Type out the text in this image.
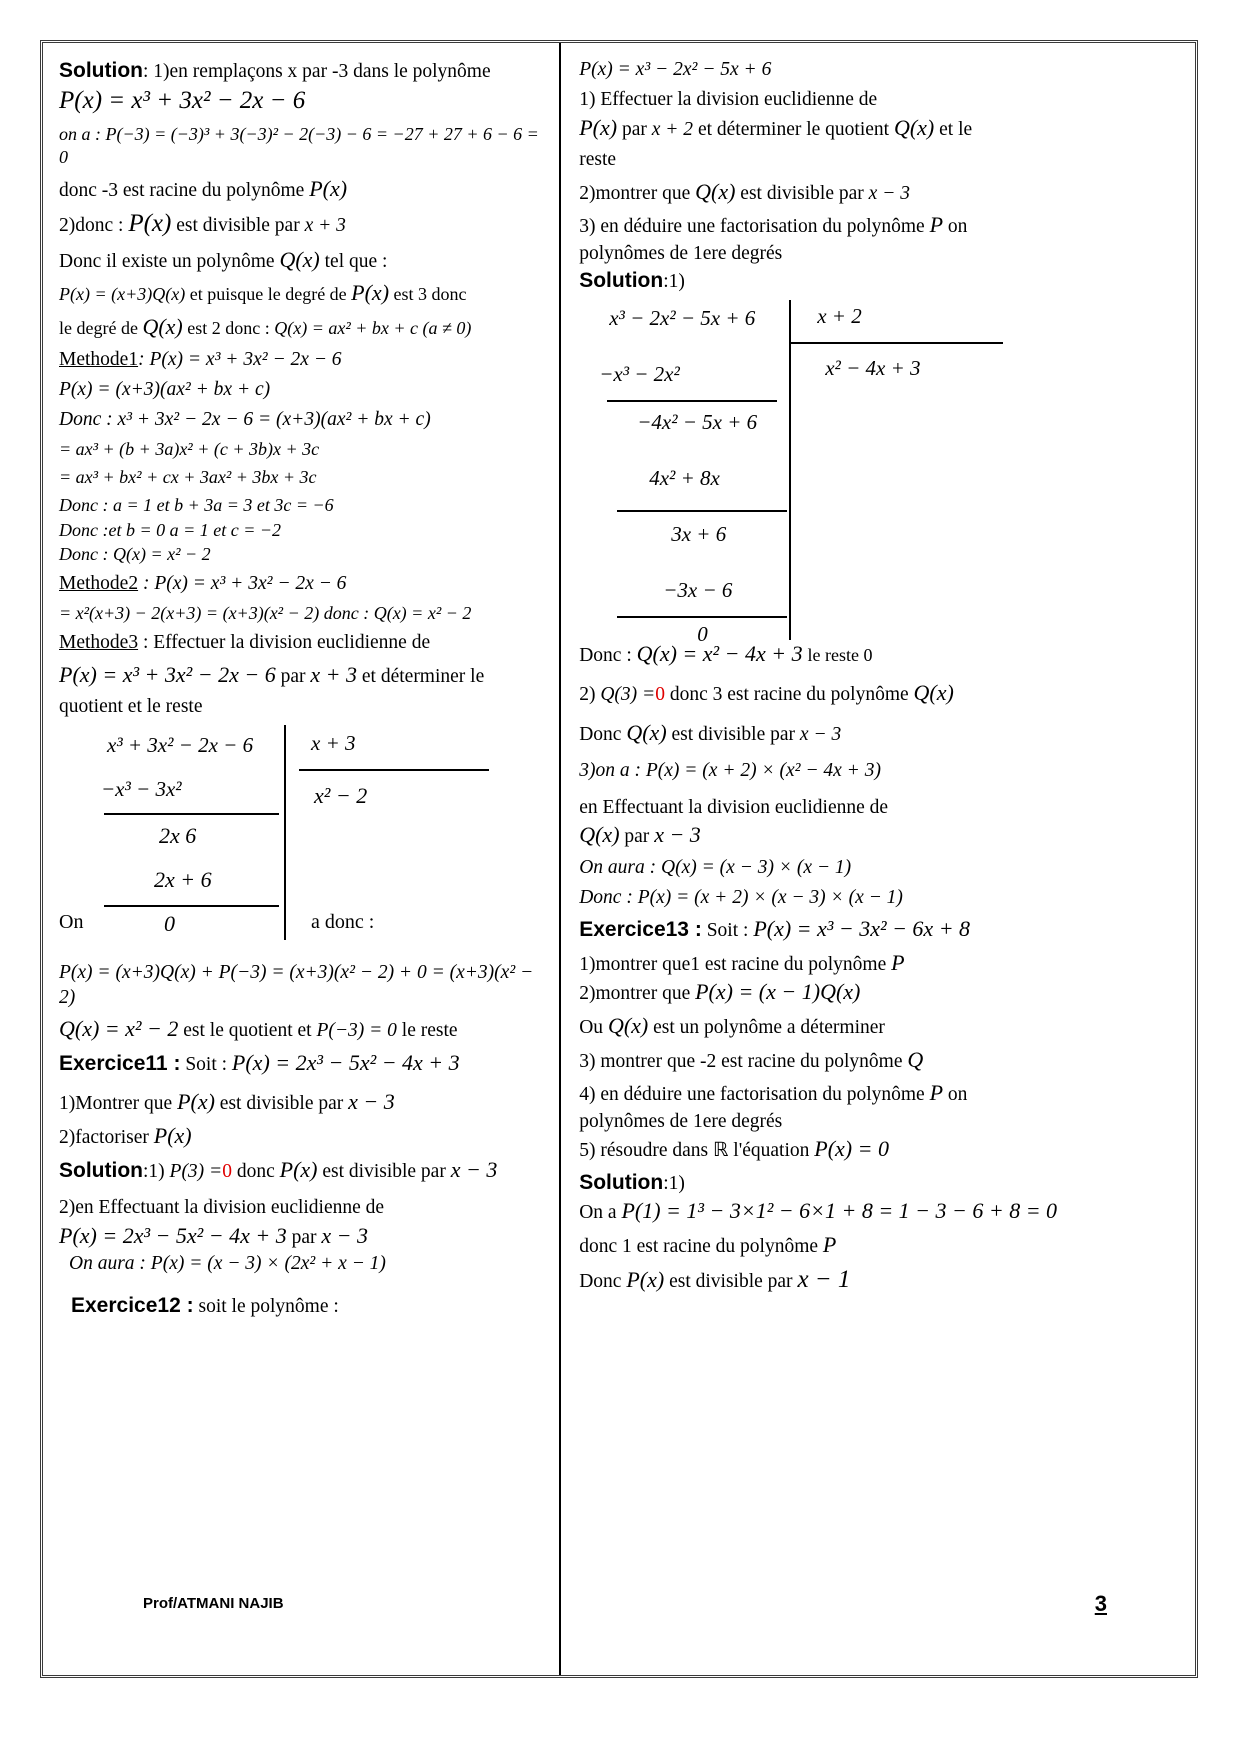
Solution: 1)en remplaçons x par -3 dans le polynôme

P(x) = x³ + 3x² − 2x − 6

on a : P(−3) = (−3)³ + 3(−3)² − 2(−3) − 6 = −27 + 27 + 6 − 6 = 0

donc -3 est racine du polynôme P(x)

2)donc : P(x) est divisible par x + 3

Donc il existe un polynôme Q(x) tel que :

P(x) = (x+3)Q(x) et puisque le degré de P(x) est 3 donc

le degré de Q(x) est 2 donc : Q(x) = ax² + bx + c (a ≠ 0)

Methode1: P(x) = x³ + 3x² − 2x − 6

P(x) = (x+3)(ax² + bx + c)

Donc : x³ + 3x² − 2x − 6 = (x+3)(ax² + bx + c)

= ax³ + (b + 3a)x² + (c + 3b)x + 3c

= ax³ + bx² + cx + 3ax² + 3bx + 3c

Donc : a = 1 et b + 3a = 3 et 3c = −6

Donc :et b = 0 a = 1 et c = −2

Donc : Q(x) = x² − 2

Methode2 : P(x) = x³ + 3x² − 2x − 6

= x²(x+3) − 2(x+3) = (x+3)(x² − 2) donc : Q(x) = x² − 2

Methode3 : Effectuer la division euclidienne de

P(x) = x³ + 3x² − 2x − 6 par x + 3 et déterminer le

quotient et le reste

x³ + 3x² − 2x − 6
−x³ − 3x²
2x 6
2x + 6
0
x + 3
x² − 2
On	a donc :

P(x) = (x+3)Q(x) + P(−3) = (x+3)(x² − 2) + 0 = (x+3)(x² − 2)

Q(x) = x² − 2 est le quotient et P(−3) = 0 le reste

Exercice11 : Soit : P(x) = 2x³ − 5x² − 4x + 3

1)Montrer que P(x) est divisible par x − 3

2)factoriser P(x)

Solution:1) P(3) =0 donc P(x) est divisible par x − 3

2)en Effectuant la division euclidienne de

P(x) = 2x³ − 5x² − 4x + 3 par x − 3

On aura : P(x) = (x − 3) × (2x² + x − 1)

Exercice12 : soit le polynôme :

P(x) = x³ − 2x² − 5x + 6

1) Effectuer la division euclidienne de

P(x) par x + 2 et déterminer le quotient Q(x) et le

reste

2)montrer que Q(x) est divisible par x − 3

3) en déduire une factorisation du polynôme P on

polynômes de 1ere degrés

Solution:1)

x³ − 2x² − 5x + 6
−x³ − 2x²
−4x² − 5x + 6
4x² + 8x
3x + 6
−3x − 6
0
x + 2
x² − 4x + 3

Donc : Q(x) = x² − 4x + 3 le reste 0

2) Q(3) =0 donc 3 est racine du polynôme Q(x)

Donc Q(x) est divisible par x − 3

3)on a : P(x) = (x + 2) × (x² − 4x + 3)

en Effectuant la division euclidienne de

Q(x) par x − 3

On aura : Q(x) = (x − 3) × (x − 1)

Donc : P(x) = (x + 2) × (x − 3) × (x − 1)

Exercice13 : Soit : P(x) = x³ − 3x² − 6x + 8

1)montrer que1 est racine du polynôme P

2)montrer que P(x) = (x − 1)Q(x)

Ou Q(x) est un polynôme a déterminer

3) montrer que -2 est racine du polynôme Q

4) en déduire une factorisation du polynôme P on

polynômes de 1ere degrés

5) résoudre dans ℝ l'équation P(x) = 0

Solution:1)

On a P(1) = 1³ − 3×1² − 6×1 + 8 = 1 − 3 − 6 + 8 = 0

donc 1 est racine du polynôme P

Donc P(x) est divisible par x − 1

Prof/ATMANI NAJIB	3
